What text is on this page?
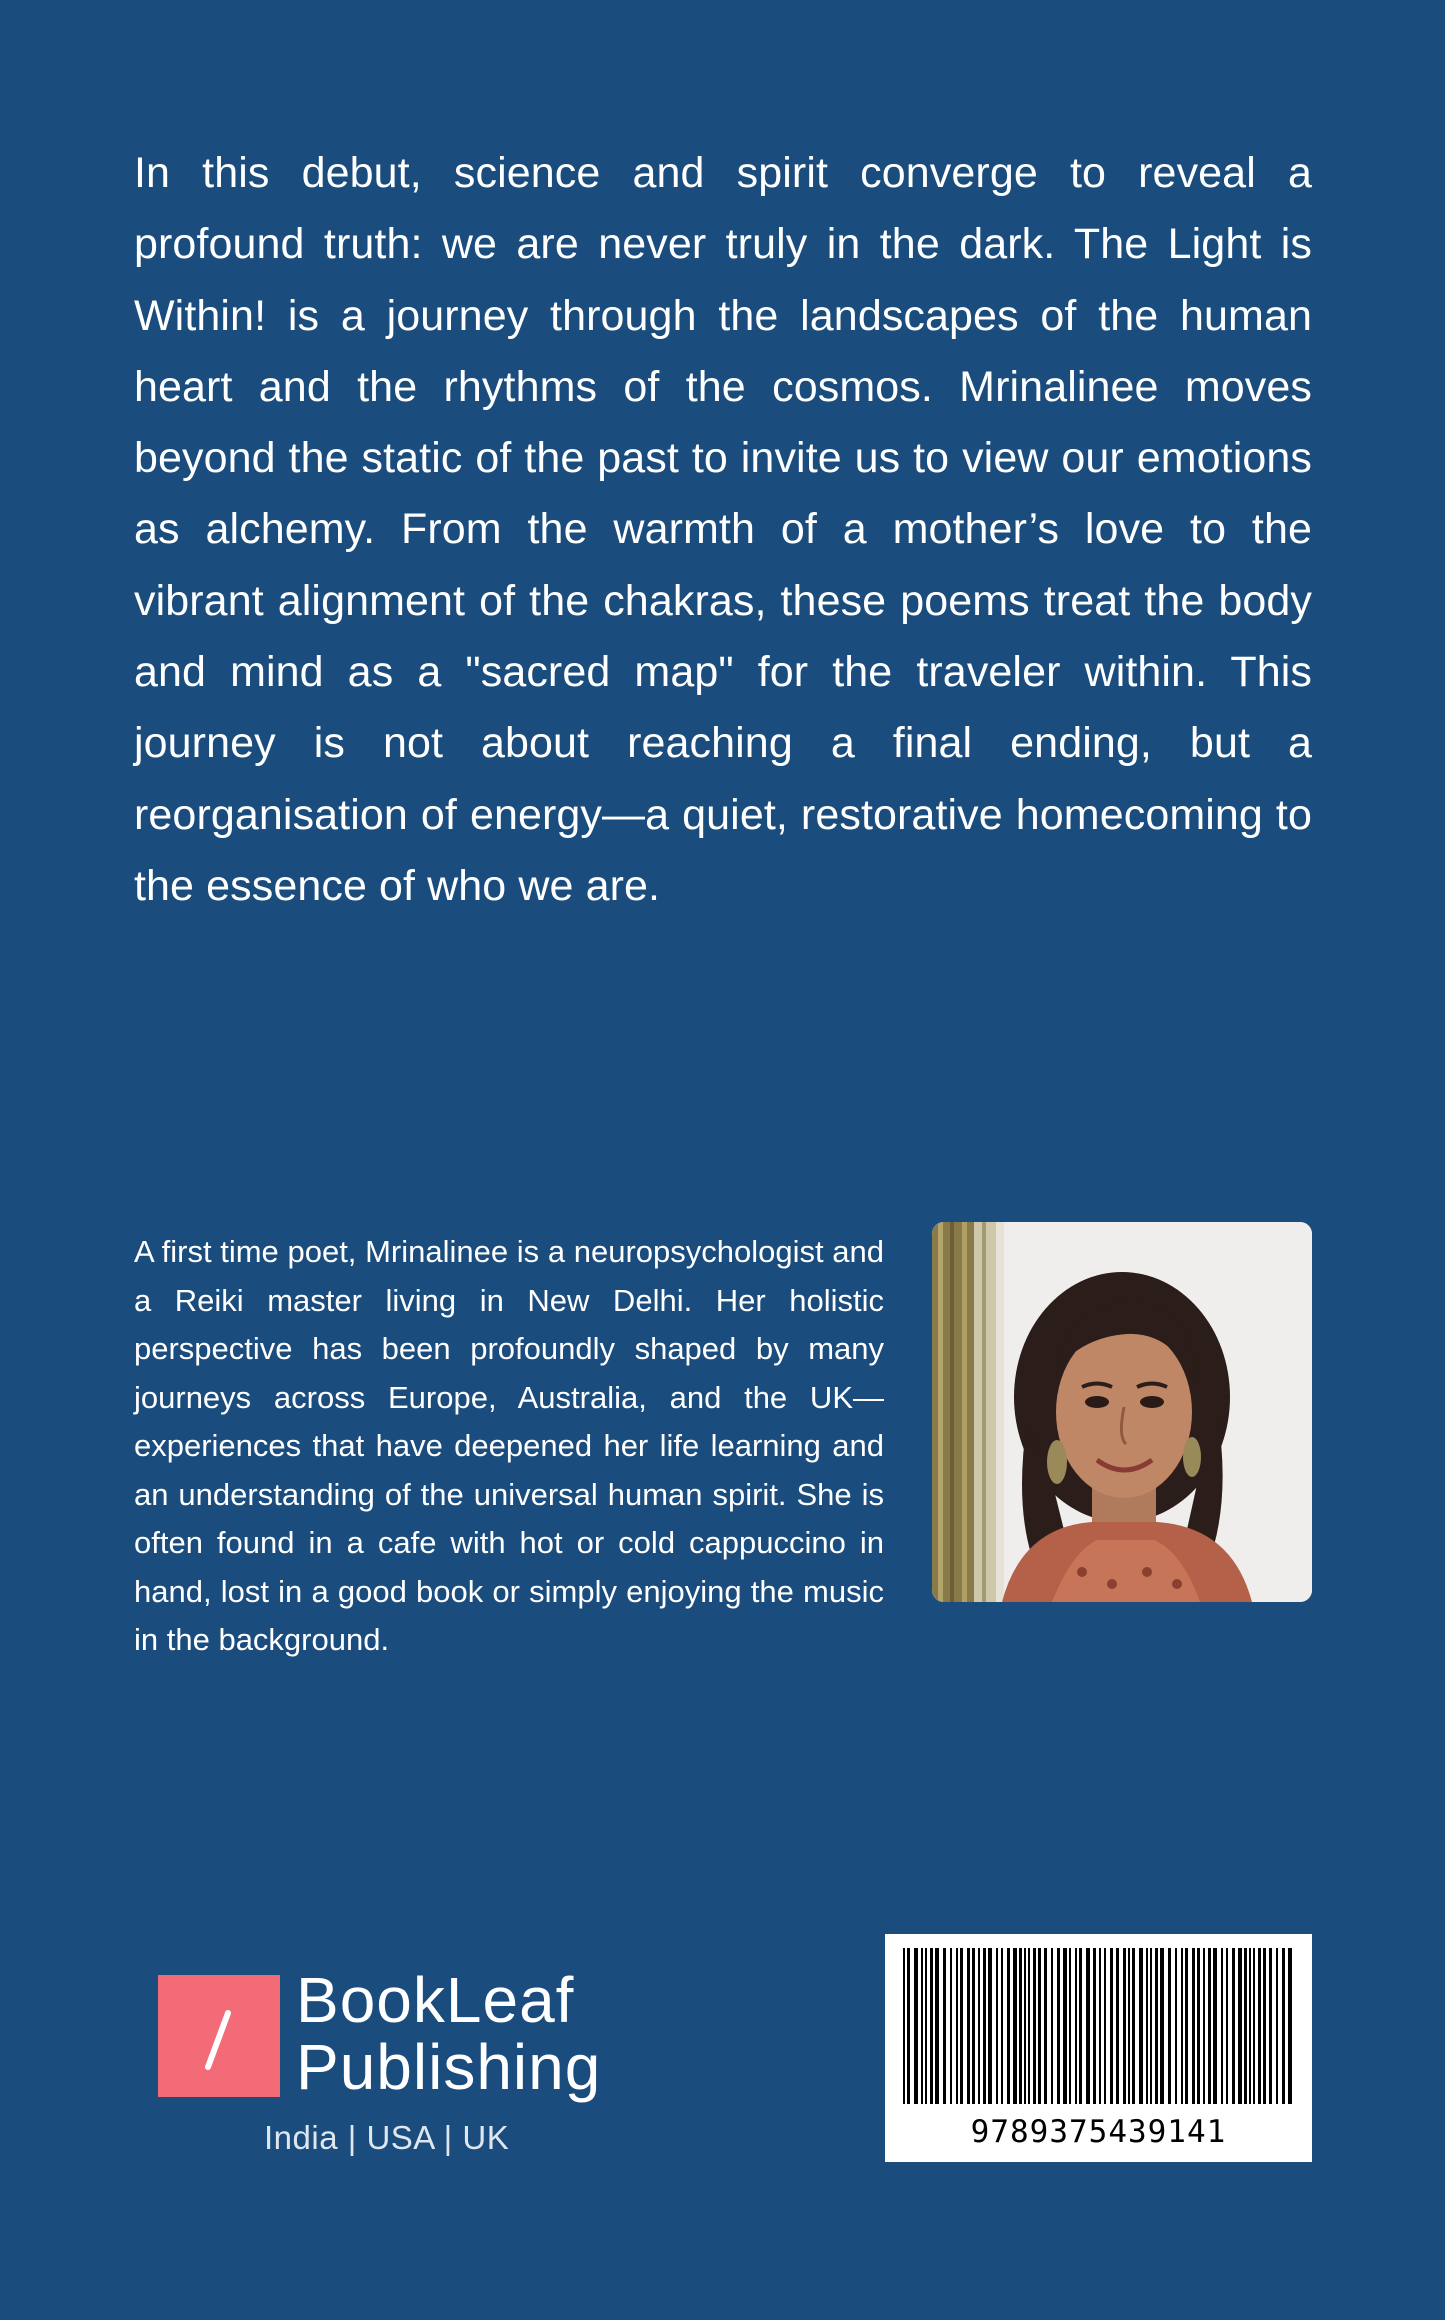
In this debut, science and spirit converge to reveal a profound truth: we are never truly in the dark. The Light is Within! is a journey through the landscapes of the human heart and the rhythms of the cosmos. Mrinalinee moves beyond the static of the past to invite us to view our emotions as alchemy. From the warmth of a mother’s love to the vibrant alignment of the chakras, these poems treat the body and mind as a "sacred map" for the traveler within. This journey is not about reaching a final ending, but a reorganisation of energy—a quiet, restorative homecoming to the essence of who we are.

A first time poet, Mrinalinee is a neuropsychologist and a Reiki master living in New Delhi. Her holistic perspective has been profoundly shaped by many journeys across Europe, Australia, and the UK—experiences that have deepened her life learning and an understanding of the universal human spirit. She is often found in a cafe with hot or cold cappuccino in hand, lost in a good book or simply enjoying the music in the background.

BookLeaf
Publishing
India | USA | UK	9789375439141
